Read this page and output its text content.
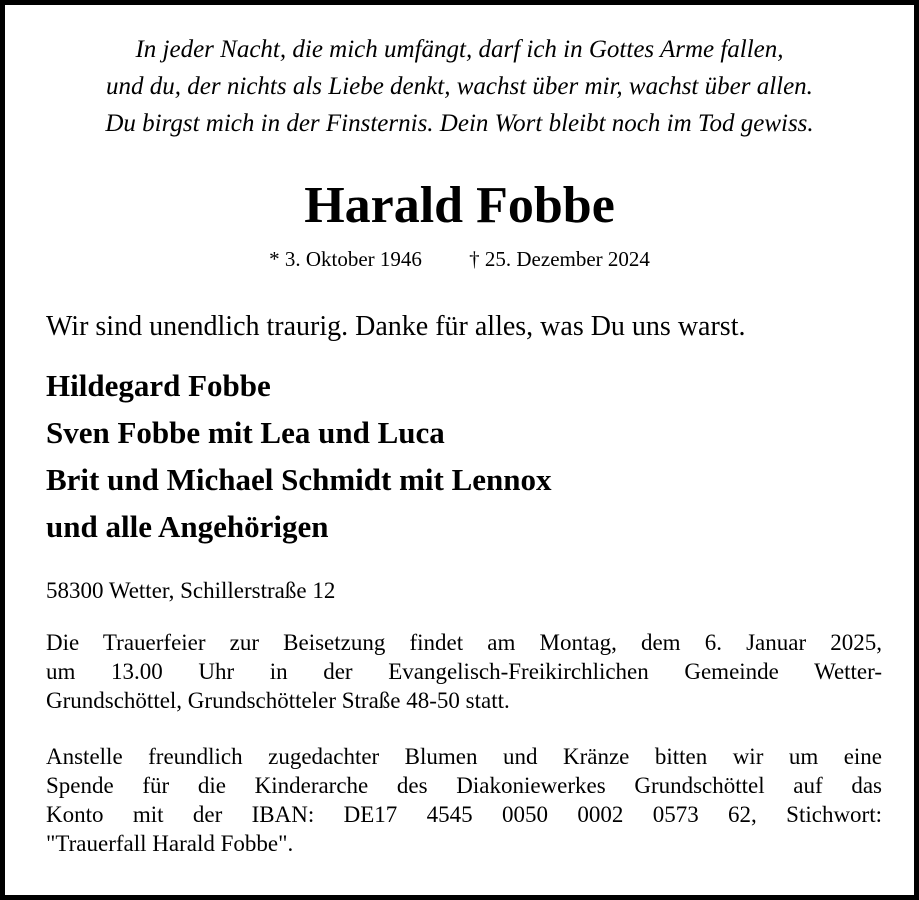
In jeder Nacht, die mich umfängt, darf ich in Gottes Arme fallen,
und du, der nichts als Liebe denkt, wachst über mir, wachst über allen.
Du birgst mich in der Finsternis. Dein Wort bleibt noch im Tod gewiss.
Harald Fobbe
* 3. Oktober 1946 † 25. Dezember 2024
Wir sind unendlich traurig. Danke für alles, was Du uns warst.
Hildegard Fobbe
Sven Fobbe mit Lea und Luca
Brit und Michael Schmidt mit Lennox
und alle Angehörigen
58300 Wetter, Schillerstraße 12
Die Trauerfeier zur Beisetzung findet am Montag, dem 6. Januar 2025,
um 13.00 Uhr in der Evangelisch-Freikirchlichen Gemeinde Wetter-
Grundschöttel, Grundschötteler Straße 48-50 statt.
Anstelle freundlich zugedachter Blumen und Kränze bitten wir um eine
Spende für die Kinderarche des Diakoniewerkes Grundschöttel auf das
Konto mit der IBAN: DE17 4545 0050 0002 0573 62, Stichwort:
"Trauerfall Harald Fobbe".
